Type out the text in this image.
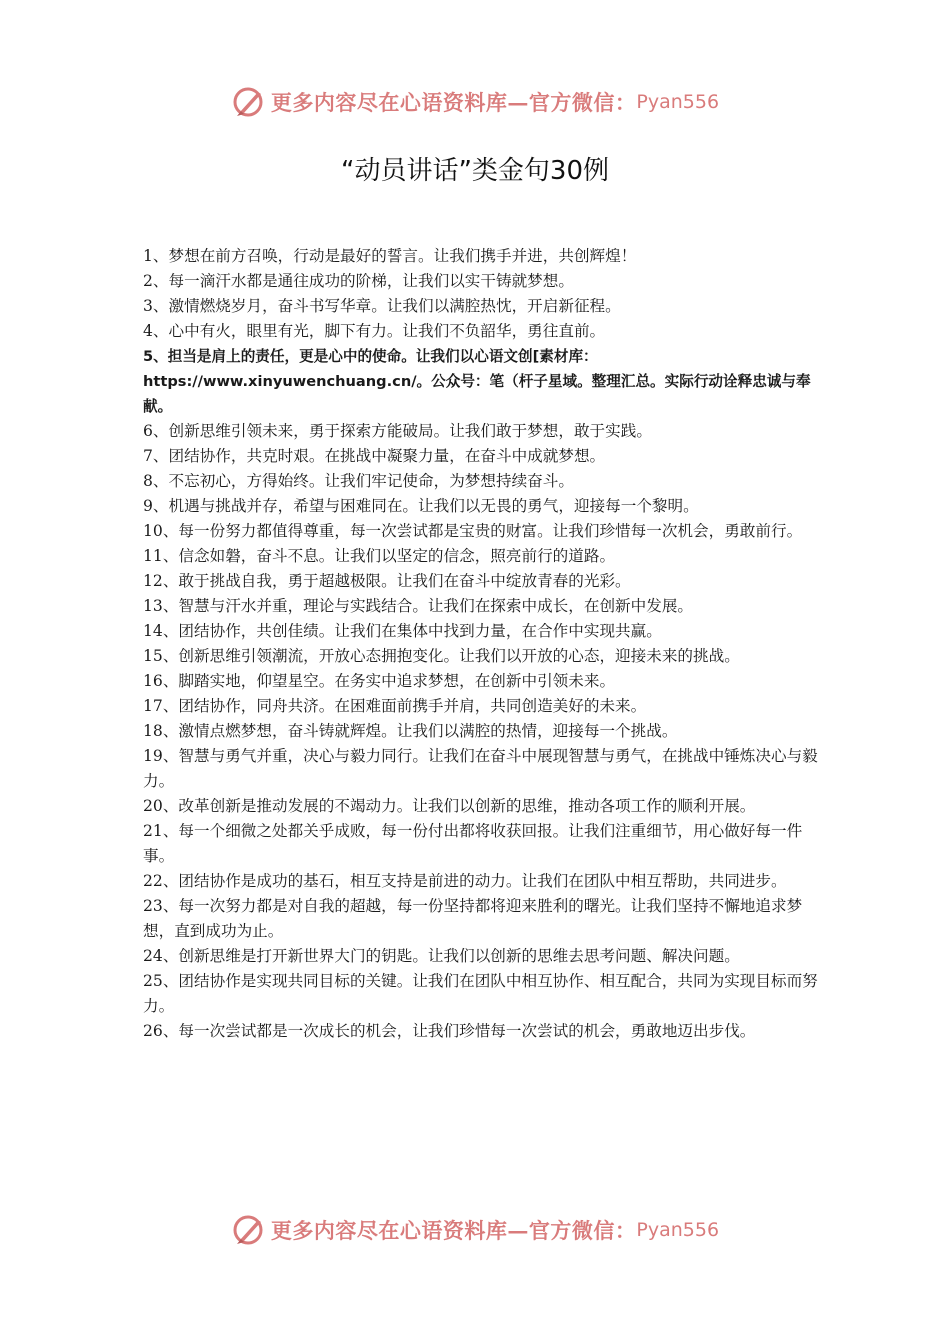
更多内容尽在心语资料库—官方微信： Pyan556
“动员讲话”类金句30例

1、梦想在前方召唤，行动是最好的誓言。让我们携手并进，共创辉煌！

2、每一滴汗水都是通往成功的阶梯，让我们以实干铸就梦想。

3、激情燃烧岁月，奋斗书写华章。让我们以满腔热忱，开启新征程。

4、心中有火，眼里有光，脚下有力。让我们不负韶华，勇往直前。

5、担当是肩上的责任，更是心中的使命。让我们以心语文创[素材库：https://www.xinyuwenchuang.cn/。公众号：笔（杆子星域。整理汇总。实际行动诠释忠诚与奉献。

6、创新思维引领未来，勇于探索方能破局。让我们敢于梦想，敢于实践。

7、团结协作，共克时艰。在挑战中凝聚力量，在奋斗中成就梦想。

8、不忘初心，方得始终。让我们牢记使命，为梦想持续奋斗。

9、机遇与挑战并存，希望与困难同在。让我们以无畏的勇气，迎接每一个黎明。

10、每一份努力都值得尊重，每一次尝试都是宝贵的财富。让我们珍惜每一次机会，勇敢前行。

11、信念如磐，奋斗不息。让我们以坚定的信念，照亮前行的道路。

12、敢于挑战自我，勇于超越极限。让我们在奋斗中绽放青春的光彩。

13、智慧与汗水并重，理论与实践结合。让我们在探索中成长，在创新中发展。

14、团结协作，共创佳绩。让我们在集体中找到力量，在合作中实现共赢。

15、创新思维引领潮流，开放心态拥抱变化。让我们以开放的心态，迎接未来的挑战。

16、脚踏实地，仰望星空。在务实中追求梦想，在创新中引领未来。

17、团结协作，同舟共济。在困难面前携手并肩，共同创造美好的未来。

18、激情点燃梦想，奋斗铸就辉煌。让我们以满腔的热情，迎接每一个挑战。

19、智慧与勇气并重，决心与毅力同行。让我们在奋斗中展现智慧与勇气，在挑战中锤炼决心与毅力。

20、改革创新是推动发展的不竭动力。让我们以创新的思维，推动各项工作的顺利开展。

21、每一个细微之处都关乎成败，每一份付出都将收获回报。让我们注重细节，用心做好每一件事。

22、团结协作是成功的基石，相互支持是前进的动力。让我们在团队中相互帮助，共同进步。

23、每一次努力都是对自我的超越，每一份坚持都将迎来胜利的曙光。让我们坚持不懈地追求梦想，直到成功为止。

24、创新思维是打开新世界大门的钥匙。让我们以创新的思维去思考问题、解决问题。

25、团结协作是实现共同目标的关键。让我们在团队中相互协作、相互配合，共同为实现目标而努力。

26、每一次尝试都是一次成长的机会，让我们珍惜每一次尝试的机会，勇敢地迈出步伐。

更多内容尽在心语资料库—官方微信： Pyan556
